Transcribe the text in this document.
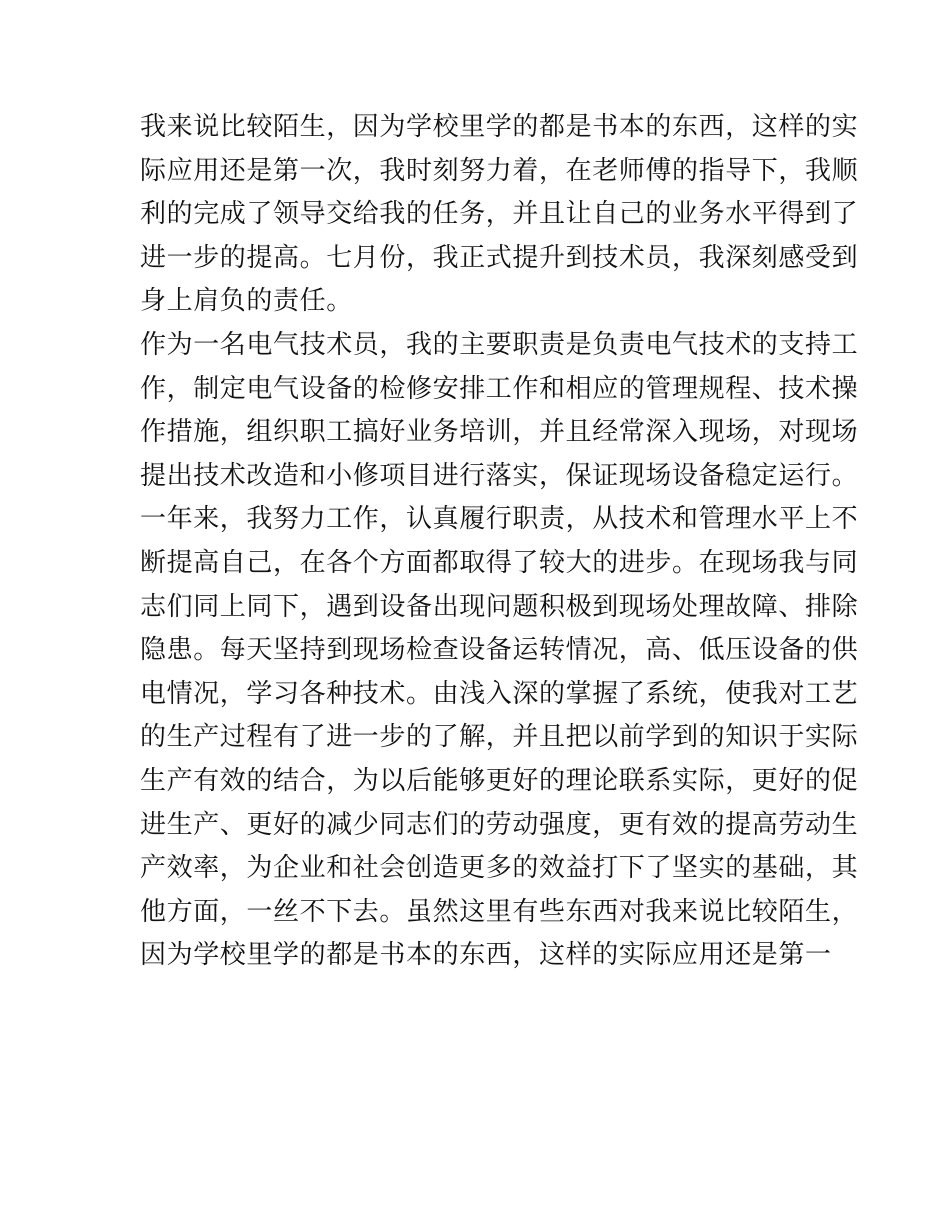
我来说比较陌生，因为学校里学的都是书本的东西，这样的实
际应用还是第一次，我时刻努力着，在老师傅的指导下，我顺
利的完成了领导交给我的任务，并且让自己的业务水平得到了
进一步的提高。七月份，我正式提升到技术员，我深刻感受到
身上肩负的责任。
作为一名电气技术员，我的主要职责是负责电气技术的支持工
作，制定电气设备的检修安排工作和相应的管理规程、技术操
作措施，组织职工搞好业务培训，并且经常深入现场，对现场
提出技术改造和小修项目进行落实，保证现场设备稳定运行。
一年来，我努力工作，认真履行职责，从技术和管理水平上不
断提高自己，在各个方面都取得了较大的进步。在现场我与同
志们同上同下，遇到设备出现问题积极到现场处理故障、排除
隐患。每天坚持到现场检查设备运转情况，高、低压设备的供
电情况，学习各种技术。由浅入深的掌握了系统，使我对工艺
的生产过程有了进一步的了解，并且把以前学到的知识于实际
生产有效的结合，为以后能够更好的理论联系实际，更好的促
进生产、更好的减少同志们的劳动强度，更有效的提高劳动生
产效率，为企业和社会创造更多的效益打下了坚实的基础，其
他方面，一丝不下去。虽然这里有些东西对我来说比较陌生，
因为学校里学的都是书本的东西，这样的实际应用还是第一
